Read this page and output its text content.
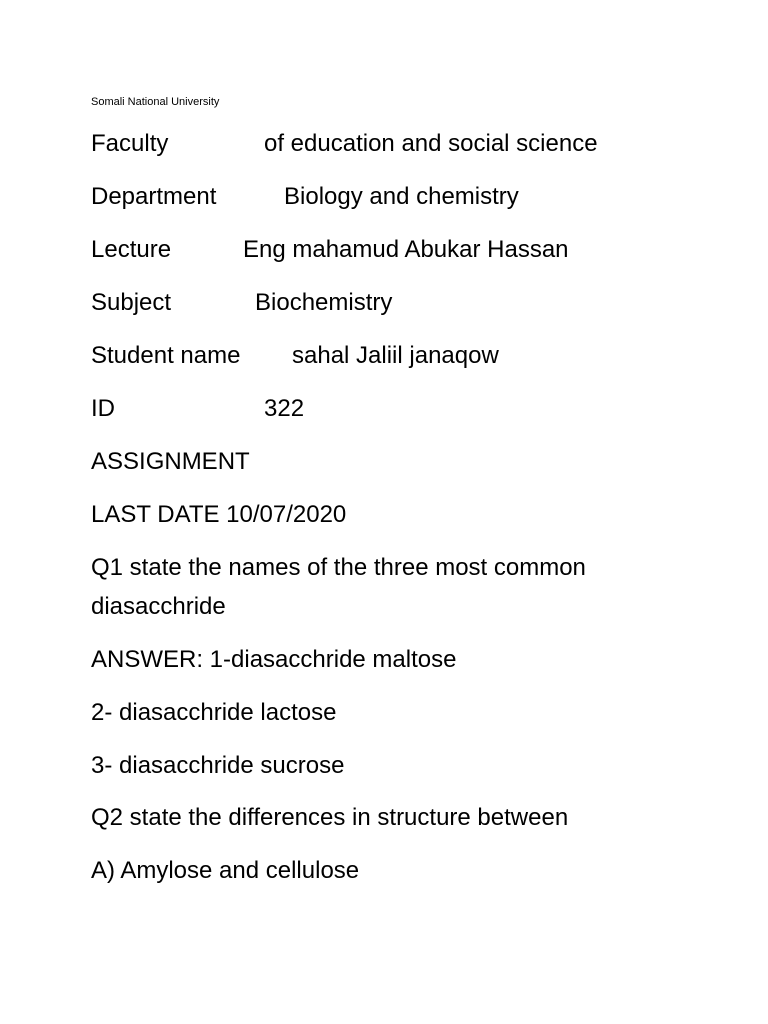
Somali National University
Faculty	of education and social science
Department	Biology and chemistry
Lecture	Eng mahamud Abukar Hassan
Subject	Biochemistry
Student name sahal Jaliil janaqow
ID	322
ASSIGNMENT
LAST DATE 10/07/2020
Q1 state the names of the three most common
diasacchride
ANSWER: 1-diasacchride maltose
2- diasacchride lactose
3- diasacchride sucrose
Q2 state the differences in structure between
A) Amylose and cellulose
